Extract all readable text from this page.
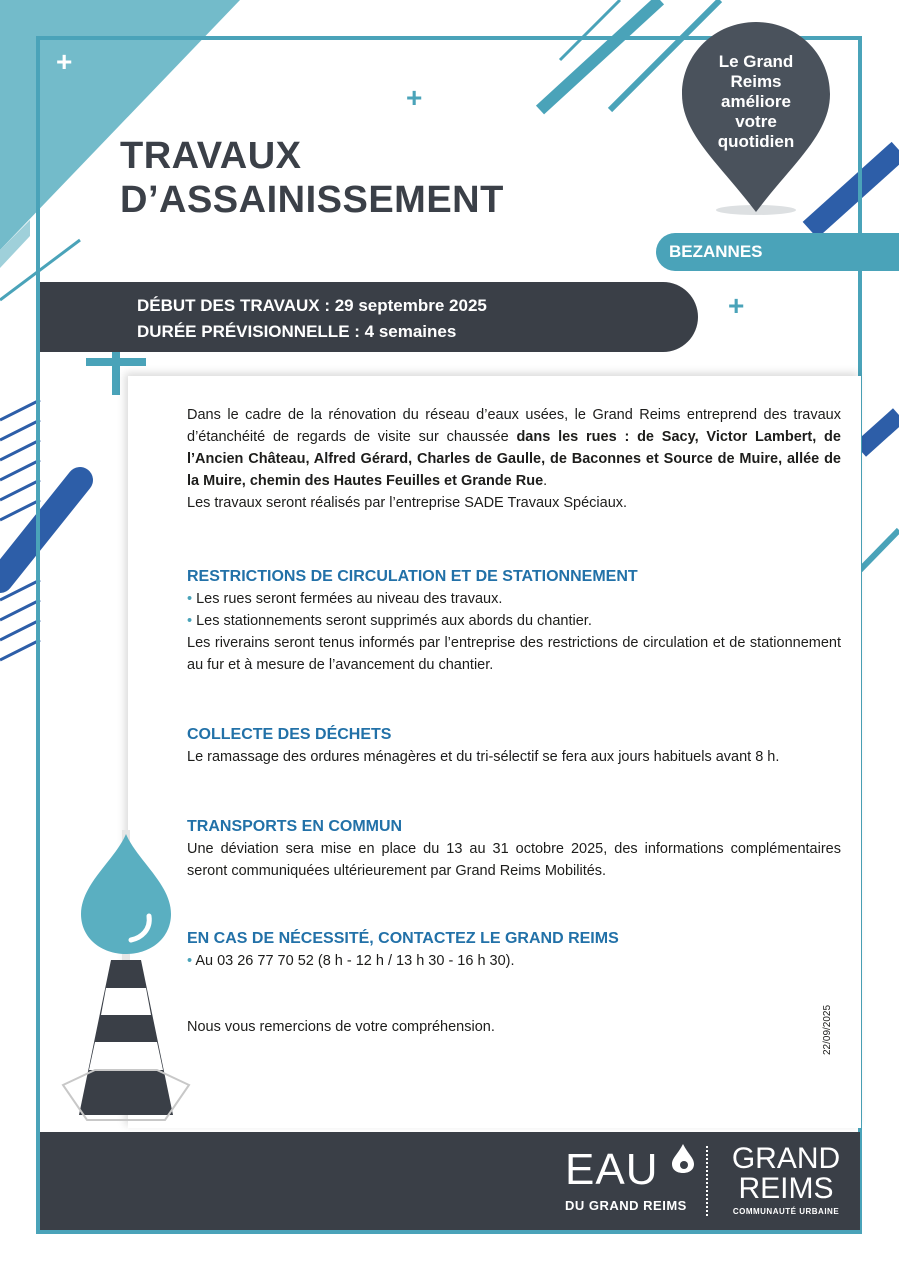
+
+
+
TRAVAUX
D’ASSAINISSEMENT
Le Grand
Reims
améliore
votre
quotidien
BEZANNES
DÉBUT DES TRAVAUX : 29 septembre 2025
DURÉE PRÉVISIONNELLE : 4 semaines

Dans le cadre de la rénovation du réseau d’eaux usées, le Grand Reims entreprend des travaux d’étanchéité de regards de visite sur chaussée dans les rues : de Sacy, Victor Lambert, de l’Ancien Château, Alfred Gérard, Charles de Gaulle, de Baconnes et Source de Muire, allée de la Muire, chemin des Hautes Feuilles et Grande Rue.

Les travaux seront réalisés par l’entreprise SADE Travaux Spéciaux.

RESTRICTIONS DE CIRCULATION ET DE STATIONNEMENT

• Les rues seront fermées au niveau des travaux.

• Les stationnements seront supprimés aux abords du chantier.

Les riverains seront tenus informés par l’entreprise des restrictions de circulation et de stationnement au fur et à mesure de l’avancement du chantier.

COLLECTE DES DÉCHETS

Le ramassage des ordures ménagères et du tri-sélectif se fera aux jours habituels avant 8 h.

TRANSPORTS EN COMMUN

Une déviation sera mise en place du 13 au 31 octobre 2025, des informations complémentaires seront communiquées ultérieurement par Grand Reims Mobilités.

EN CAS DE NÉCESSITÉ, CONTACTEZ LE GRAND REIMS

• Au 03 26 77 70 52 (8 h - 12 h / 13 h 30 - 16 h 30).

Nous vous remercions de votre compréhension.	22/09/2025
EAU
DU GRAND REIMS
GRAND
REIMS
COMMUNAUTÉ URBAINE
